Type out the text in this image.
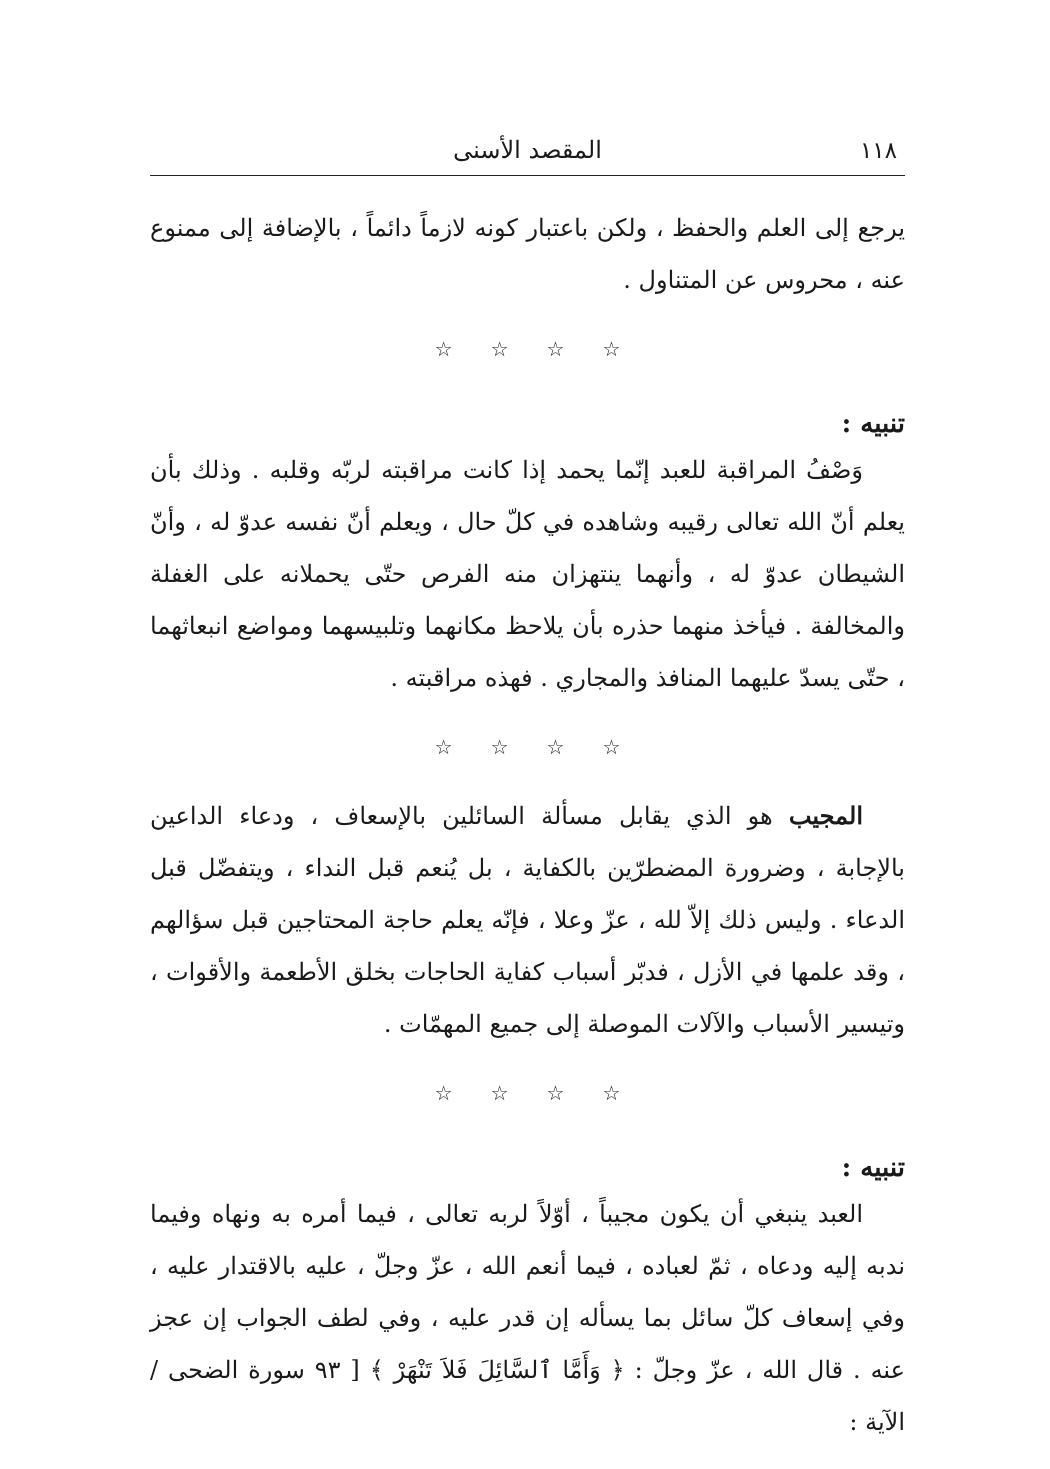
١١٨
المقصد الأسنى

يرجع إلى العلم والحفظ ، ولكن باعتبار كونه لازماً دائماً ، بالإضافة إلى ممنوع عنه ، محروس عن المتناول .

☆ ☆ ☆ ☆
تنبيه :

وَصْفُ المراقبة للعبد إنّما يحمد إذا كانت مراقبته لربّه وقلبه . وذلك بأن يعلم أنّ الله تعالى رقيبه وشاهده في كلّ حال ، ويعلم أنّ نفسه عدوّ له ، وأنّ الشيطان عدوّ له ، وأنهما ينتهزان منه الفرص حتّى يحملانه على الغفلة والمخالفة . فيأخذ منهما حذره بأن يلاحظ مكانهما وتلبيسهما ومواضع انبعاثهما ، حتّى يسدّ عليهما المنافذ والمجاري . فهذه مراقبته .

☆ ☆ ☆ ☆

المجيب هو الذي يقابل مسألة السائلين بالإسعاف ، ودعاء الداعين بالإجابة ، وضرورة المضطرّين بالكفاية ، بل يُنعم قبل النداء ، ويتفضّل قبل الدعاء . وليس ذلك إلاّ لله ، عزّ وعلا ، فإنّه يعلم حاجة المحتاجين قبل سؤالهم ، وقد علمها في الأزل ، فدبّر أسباب كفاية الحاجات بخلق الأطعمة والأقوات ، وتيسير الأسباب والآلات الموصلة إلى جميع المهمّات .

☆ ☆ ☆ ☆
تنبيه :

العبد ينبغي أن يكون مجيباً ، أوّلاً لربه تعالى ، فيما أمره به ونهاه وفيما ندبه إليه ودعاه ، ثمّ لعباده ، فيما أنعم الله ، عزّ وجلّ ، عليه بالاقتدار عليه ، وفي إسعاف كلّ سائل بما يسأله إن قدر عليه ، وفي لطف الجواب إن عجز عنه . قال الله ، عزّ وجلّ : ﴿ وَأَمَّا ٱلسَّائِلَ فَلاَ تَنْهَرْ ﴾ [ ٩٣ سورة الضحى / الآية :
